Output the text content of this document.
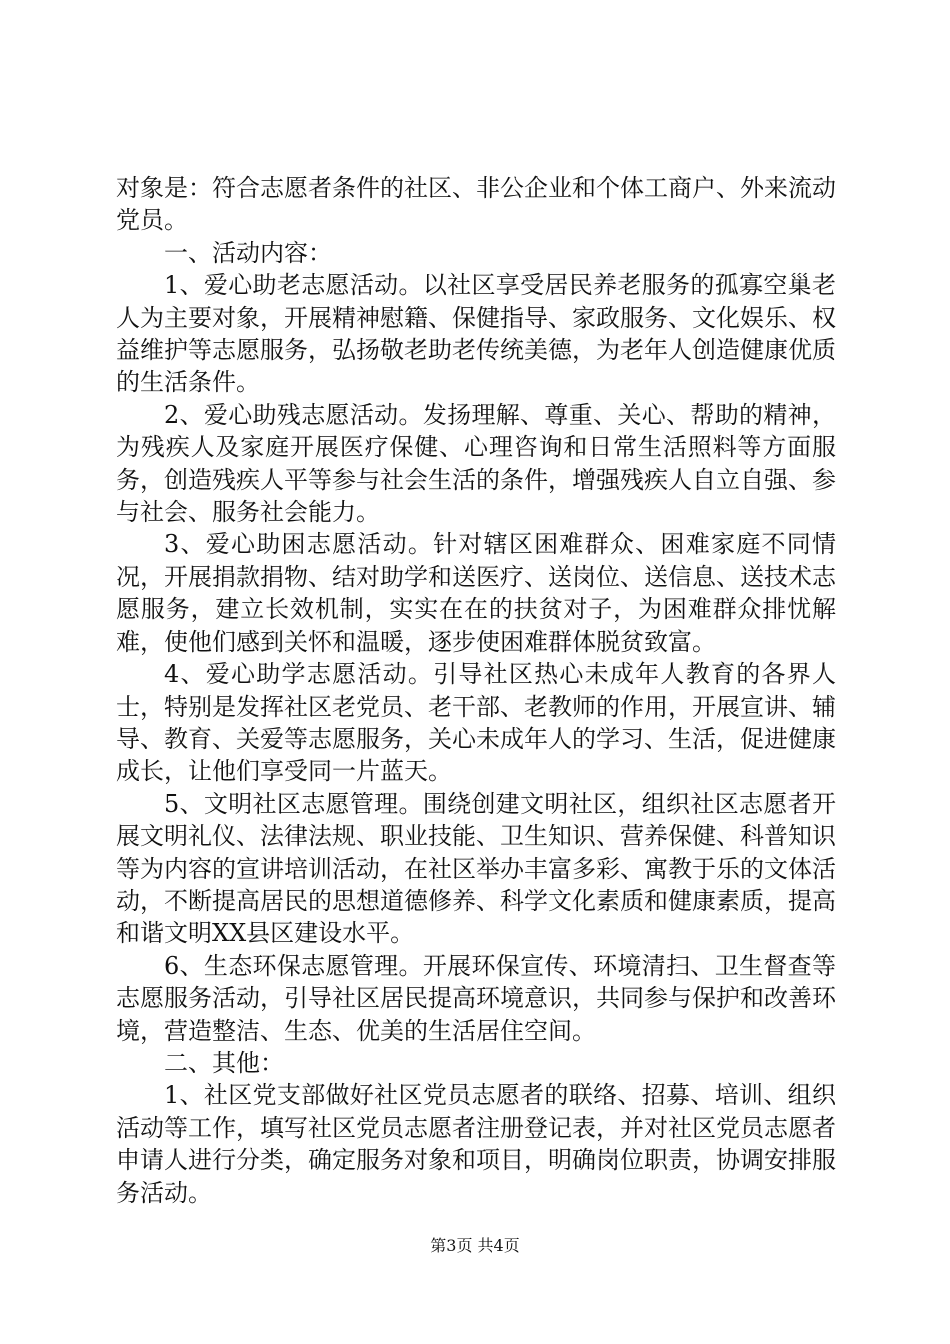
对象是：符合志愿者条件的社区、非公企业和个体工商户、外来流动党员。

一、活动内容：

1、爱心助老志愿活动。以社区享受居民养老服务的孤寡空巢老人为主要对象，开展精神慰籍、保健指导、家政服务、文化娱乐、权益维护等志愿服务，弘扬敬老助老传统美德，为老年人创造健康优质的生活条件。

2、爱心助残志愿活动。发扬理解、尊重、关心、帮助的精神，为残疾人及家庭开展医疗保健、心理咨询和日常生活照料等方面服务，创造残疾人平等参与社会生活的条件，增强残疾人自立自强、参与社会、服务社会能力。

3、爱心助困志愿活动。针对辖区困难群众、困难家庭不同情况，开展捐款捐物、结对助学和送医疗、送岗位、送信息、送技术志愿服务，建立长效机制，实实在在的扶贫对子，为困难群众排忧解难，使他们感到关怀和温暖，逐步使困难群体脱贫致富。

4、爱心助学志愿活动。引导社区热心未成年人教育的各界人士，特别是发挥社区老党员、老干部、老教师的作用，开展宣讲、辅导、教育、关爱等志愿服务，关心未成年人的学习、生活，促进健康成长，让他们享受同一片蓝天。

5、文明社区志愿管理。围绕创建文明社区，组织社区志愿者开展文明礼仪、法律法规、职业技能、卫生知识、营养保健、科普知识等为内容的宣讲培训活动，在社区举办丰富多彩、寓教于乐的文体活动，不断提高居民的思想道德修养、科学文化素质和健康素质，提高和谐文明XX县区建设水平。

6、生态环保志愿管理。开展环保宣传、环境清扫、卫生督查等志愿服务活动，引导社区居民提高环境意识，共同参与保护和改善环境，营造整洁、生态、优美的生活居住空间。

二、其他：

1、社区党支部做好社区党员志愿者的联络、招募、培训、组织活动等工作，填写社区党员志愿者注册登记表，并对社区党员志愿者申请人进行分类，确定服务对象和项目，明确岗位职责，协调安排服务活动。

第3页 共4页
